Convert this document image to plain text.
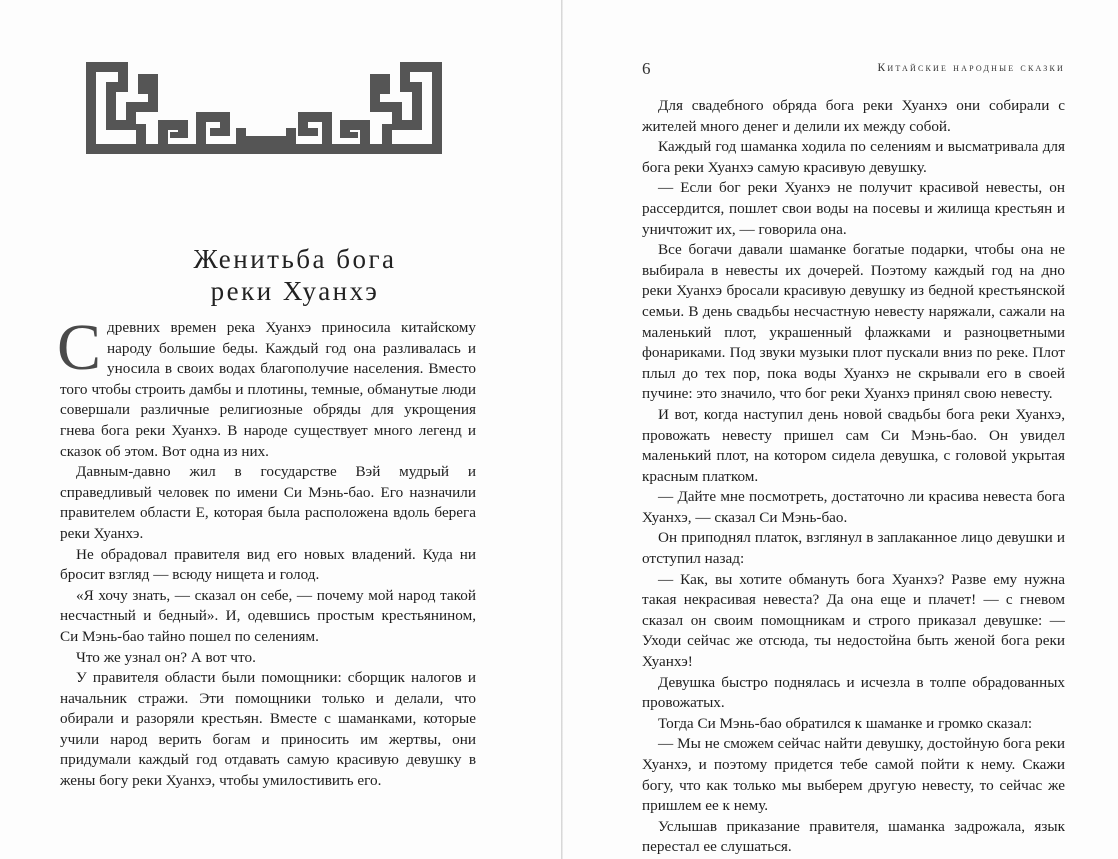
Женитьба бога
реки Хуанхэ

Сдревних времен река Хуанхэ приносила китайскому народу большие беды. Каждый год она разливалась и уносила в своих водах благополучие населения. Вместо того чтобы строить дамбы и плотины, темные, обманутые люди совершали различные религиозные обряды для укрощения гнева бога реки Хуанхэ. В народе существует много легенд и сказок об этом. Вот одна из них.

Давным-давно жил в государстве Вэй мудрый и справедливый человек по имени Си Мэнь-бао. Его назначили правителем области Е, которая была расположена вдоль берега реки Хуанхэ.

Не обрадовал правителя вид его новых владений. Куда ни бросит взгляд — всюду нищета и голод.

«Я хочу знать, — сказал он себе, — почему мой народ такой несчастный и бедный». И, одевшись простым крестьянином, Си Мэнь-бао тайно пошел по селениям.

Что же узнал он? А вот что.

У правителя области были помощники: сборщик налогов и начальник стражи. Эти помощники только и делали, что обирали и разоряли крестьян. Вместе с шаманками, которые учили народ верить богам и приносить им жертвы, они придумали каждый год отдавать самую красивую девушку в жены богу реки Хуанхэ, чтобы умилостивить его.

6	Китайские народные сказки

Для свадебного обряда бога реки Хуанхэ они собирали с жителей много денег и делили их между собой.

Каждый год шаманка ходила по селениям и высматривала для бога реки Хуанхэ самую красивую девушку.

— Если бог реки Хуанхэ не получит красивой невесты, он рассердится, пошлет свои воды на посевы и жилища крестьян и уничтожит их, — говорила она.

Все богачи давали шаманке богатые подарки, чтобы она не выбирала в невесты их дочерей. Поэтому каждый год на дно реки Хуанхэ бросали красивую девушку из бедной крестьянской семьи. В день свадьбы несчастную невесту наряжали, сажали на маленький плот, украшенный флажками и разноцветными фонариками. Под звуки музыки плот пускали вниз по реке. Плот плыл до тех пор, пока воды Хуанхэ не скрывали его в своей пучине: это значило, что бог реки Хуанхэ принял свою невесту.

И вот, когда наступил день новой свадьбы бога реки Хуанхэ, провожать невесту пришел сам Си Мэнь-бао. Он увидел маленький плот, на котором сидела девушка, с головой укрытая красным платком.

— Дайте мне посмотреть, достаточно ли красива невеста бога Хуанхэ, — сказал Си Мэнь-бао.

Он приподнял платок, взглянул в заплаканное лицо девушки и отступил назад:

— Как, вы хотите обмануть бога Хуанхэ? Разве ему нужна такая некрасивая невеста? Да она еще и плачет! — с гневом сказал он своим помощникам и строго приказал девушке: — Уходи сейчас же отсюда, ты недостойна быть женой бога реки Хуанхэ!

Девушка быстро поднялась и исчезла в толпе обрадованных провожатых.

Тогда Си Мэнь-бао обратился к шаманке и громко сказал:

— Мы не сможем сейчас найти девушку, достойную бога реки Хуанхэ, и поэтому придется тебе самой пойти к нему. Скажи богу, что как только мы выберем другую невесту, то сейчас же пришлем ее к нему.

Услышав приказание правителя, шаманка задрожала, язык перестал ее слушаться.
